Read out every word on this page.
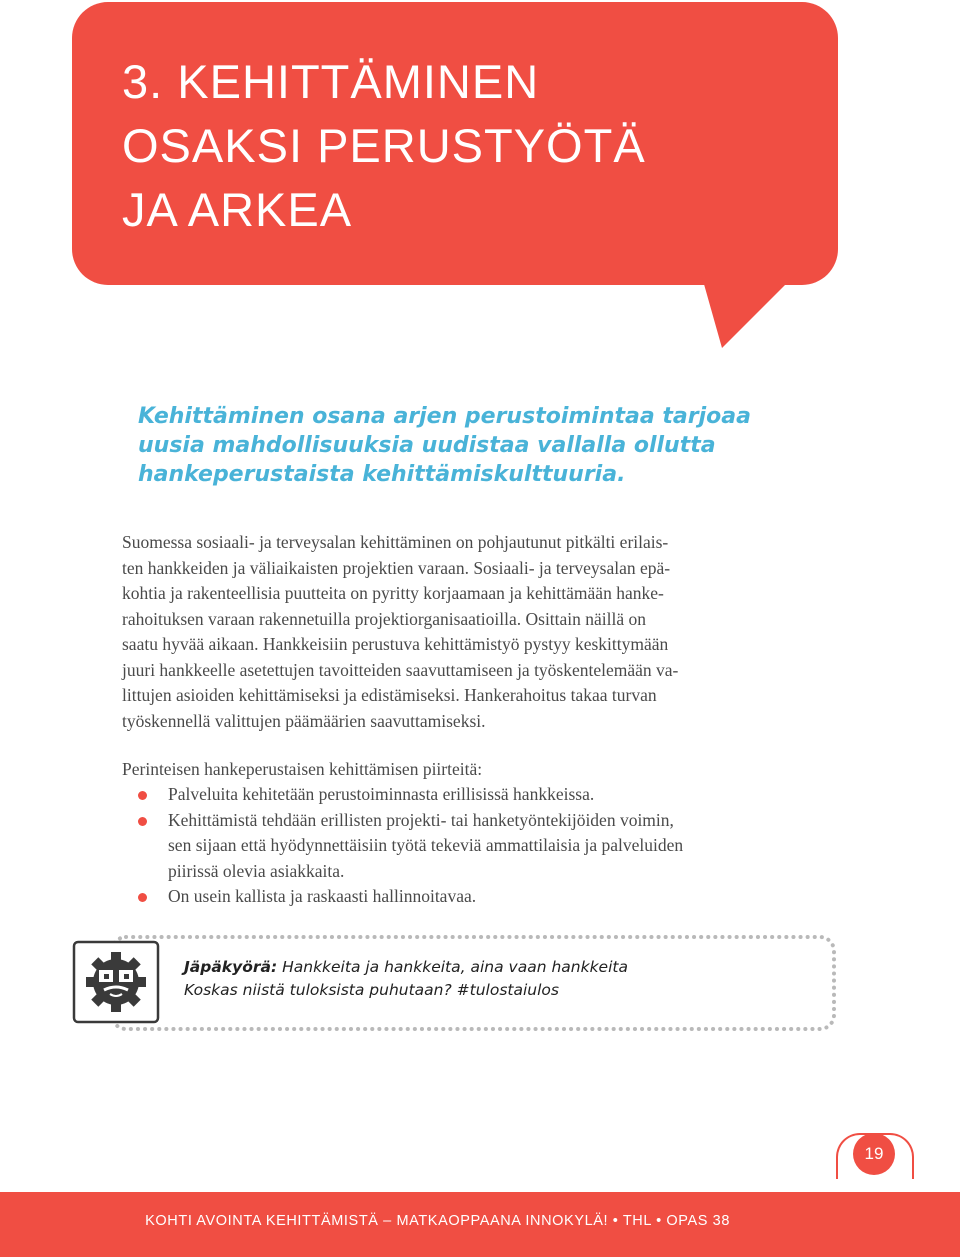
3. KEHITTÄMINEN
OSAKSI PERUSTYÖTÄ
JA ARKEA

Kehittäminen osana arjen perustoimintaa tarjoaa
uusia mahdollisuuksia uudistaa vallalla ollutta
hankeperustaista kehittämiskulttuuria.

Suomessa sosiaali- ja terveysalan kehittäminen on pohjautunut pitkälti erilais-
ten hankkeiden ja väliaikaisten projektien varaan. Sosiaali- ja terveysalan epä-
kohtia ja rakenteellisia puutteita on pyritty korjaamaan ja kehittämään hanke-
rahoituksen varaan rakennetuilla projektiorganisaatioilla. Osittain näillä on
saatu hyvää aikaan. Hankkeisiin perustuva kehittämistyö pystyy keskittymään
juuri hankkeelle asetettujen tavoitteiden saavuttamiseen ja työskentelemään va-
littujen asioiden kehittämiseksi ja edistämiseksi. Hankerahoitus takaa turvan
työskennellä valittujen päämäärien saavuttamiseksi.

Perinteisen hankeperustaisen kehittämisen piirteitä:

Palveluita kehitetään perustoiminnasta erillisissä hankkeissa.
Kehittämistä tehdään erillisten projekti- tai hanketyöntekijöiden voimin,
sen sijaan että hyödynnettäisiin työtä tekeviä ammattilaisia ja palveluiden
piirissä olevia asiakkaita.
On usein kallista ja raskaasti hallinnoitavaa.

Jäpäkyörä: Hankkeita ja hankkeita, aina vaan hankkeita
Koskas niistä tuloksista puhutaan? #tulostaiulos

19

KOHTI AVOINTA KEHITTÄMISTÄ – MATKAOPPAANA INNOKYLÄ! • THL • OPAS 38
